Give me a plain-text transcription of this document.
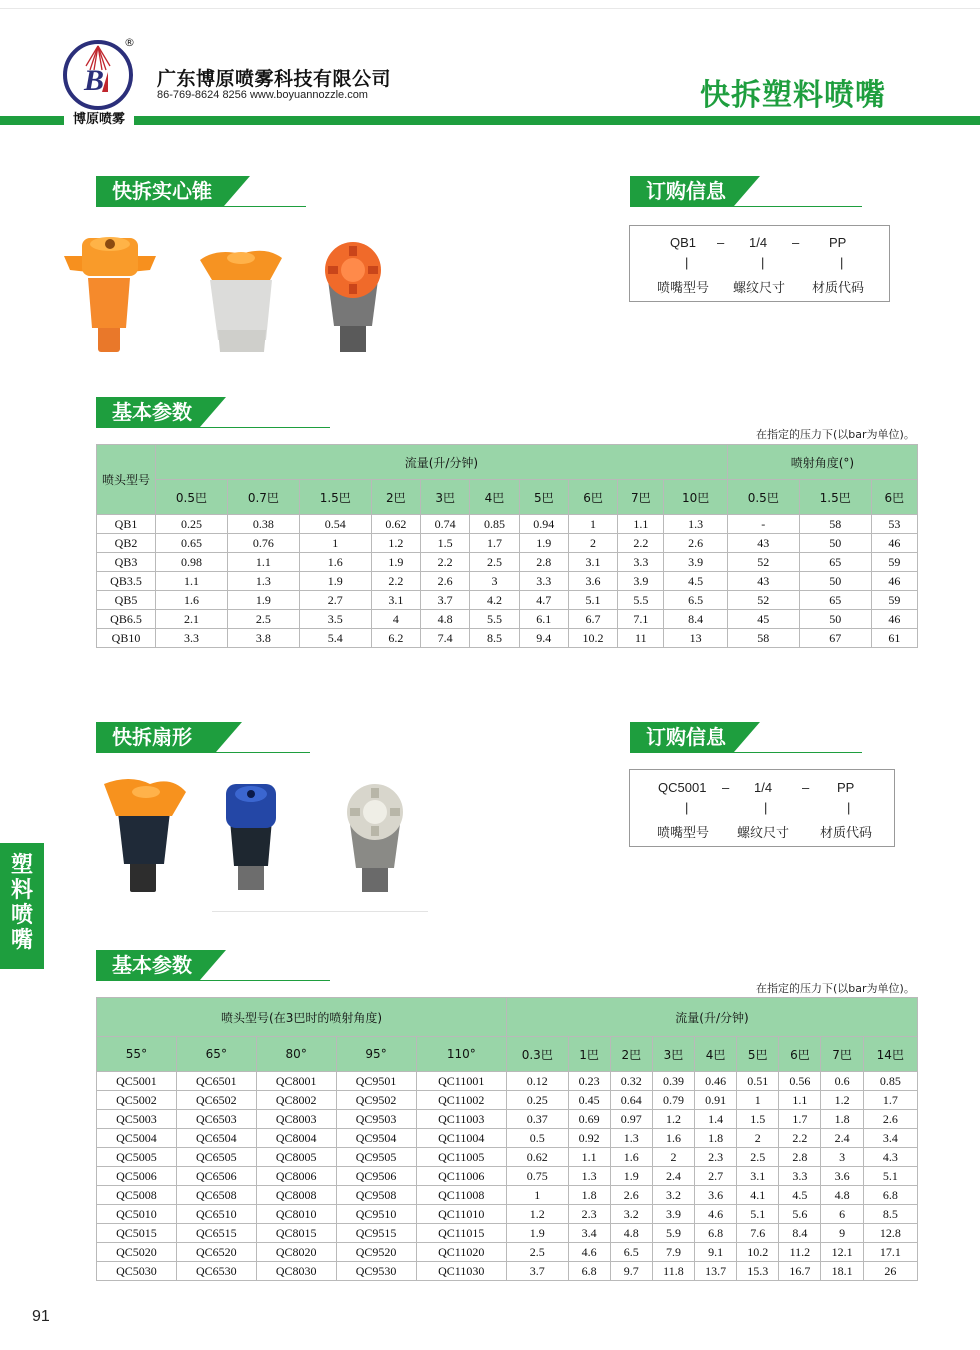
B
®
博原喷雾
广东博原喷雾科技有限公司
86-769-8624 8256 www.boyuannozzle.com	快拆塑料喷嘴
快拆实心锥	订购信息
QB1 – 1/4 – PP
|	|	|
喷嘴型号 螺纹尺寸 材质代码
基本参数
在指定的压力下(以bar为单位)。
喷头型号	流量(升/分钟)										喷射角度(°)		
	0.5巴	0.7巴	1.5巴	2巴	3巴	4巴	5巴	6巴	7巴	10巴	0.5巴	1.5巴	6巴
QB1	0.25	0.38	0.54	0.62	0.74	0.85	0.94	1	1.1	1.3	-	58	53
QB2	0.65	0.76	1	1.2	1.5	1.7	1.9	2	2.2	2.6	43	50	46
QB3	0.98	1.1	1.6	1.9	2.2	2.5	2.8	3.1	3.3	3.9	52	65	59
QB3.5	1.1	1.3	1.9	2.2	2.6	3	3.3	3.6	3.9	4.5	43	50	46
QB5	1.6	1.9	2.7	3.1	3.7	4.2	4.7	5.1	5.5	6.5	52	65	59
QB6.5	2.1	2.5	3.5	4	4.8	5.5	6.1	6.7	7.1	8.4	45	50	46
QB10	3.3	3.8	5.4	6.2	7.4	8.5	9.4	10.2	11	13	58	67	61
快拆扇形	订购信息
QC5001 – 1/4 – PP
|	|	|
喷嘴型号 螺纹尺寸 材质代码
基本参数
在指定的压力下(以bar为单位)。
喷头型号(在3巴时的喷射角度)					流量(升/分钟)								
55°	65°	80°	95°	110°	0.3巴	1巴	2巴	3巴	4巴	5巴	6巴	7巴	14巴
QC5001	QC6501	QC8001	QC9501	QC11001	0.12	0.23	0.32	0.39	0.46	0.51	0.56	0.6	0.85
QC5002	QC6502	QC8002	QC9502	QC11002	0.25	0.45	0.64	0.79	0.91	1	1.1	1.2	1.7
QC5003	QC6503	QC8003	QC9503	QC11003	0.37	0.69	0.97	1.2	1.4	1.5	1.7	1.8	2.6
QC5004	QC6504	QC8004	QC9504	QC11004	0.5	0.92	1.3	1.6	1.8	2	2.2	2.4	3.4
QC5005	QC6505	QC8005	QC9505	QC11005	0.62	1.1	1.6	2	2.3	2.5	2.8	3	4.3
QC5006	QC6506	QC8006	QC9506	QC11006	0.75	1.3	1.9	2.4	2.7	3.1	3.3	3.6	5.1
QC5008	QC6508	QC8008	QC9508	QC11008	1	1.8	2.6	3.2	3.6	4.1	4.5	4.8	6.8
QC5010	QC6510	QC8010	QC9510	QC11010	1.2	2.3	3.2	3.9	4.6	5.1	5.6	6	8.5
QC5015	QC6515	QC8015	QC9515	QC11015	1.9	3.4	4.8	5.9	6.8	7.6	8.4	9	12.8
QC5020	QC6520	QC8020	QC9520	QC11020	2.5	4.6	6.5	7.9	9.1	10.2	11.2	12.1	17.1
QC5030	QC6530	QC8030	QC9530	QC11030	3.7	6.8	9.7	11.8	13.7	15.3	16.7	18.1	26
塑
料
喷
嘴
91
